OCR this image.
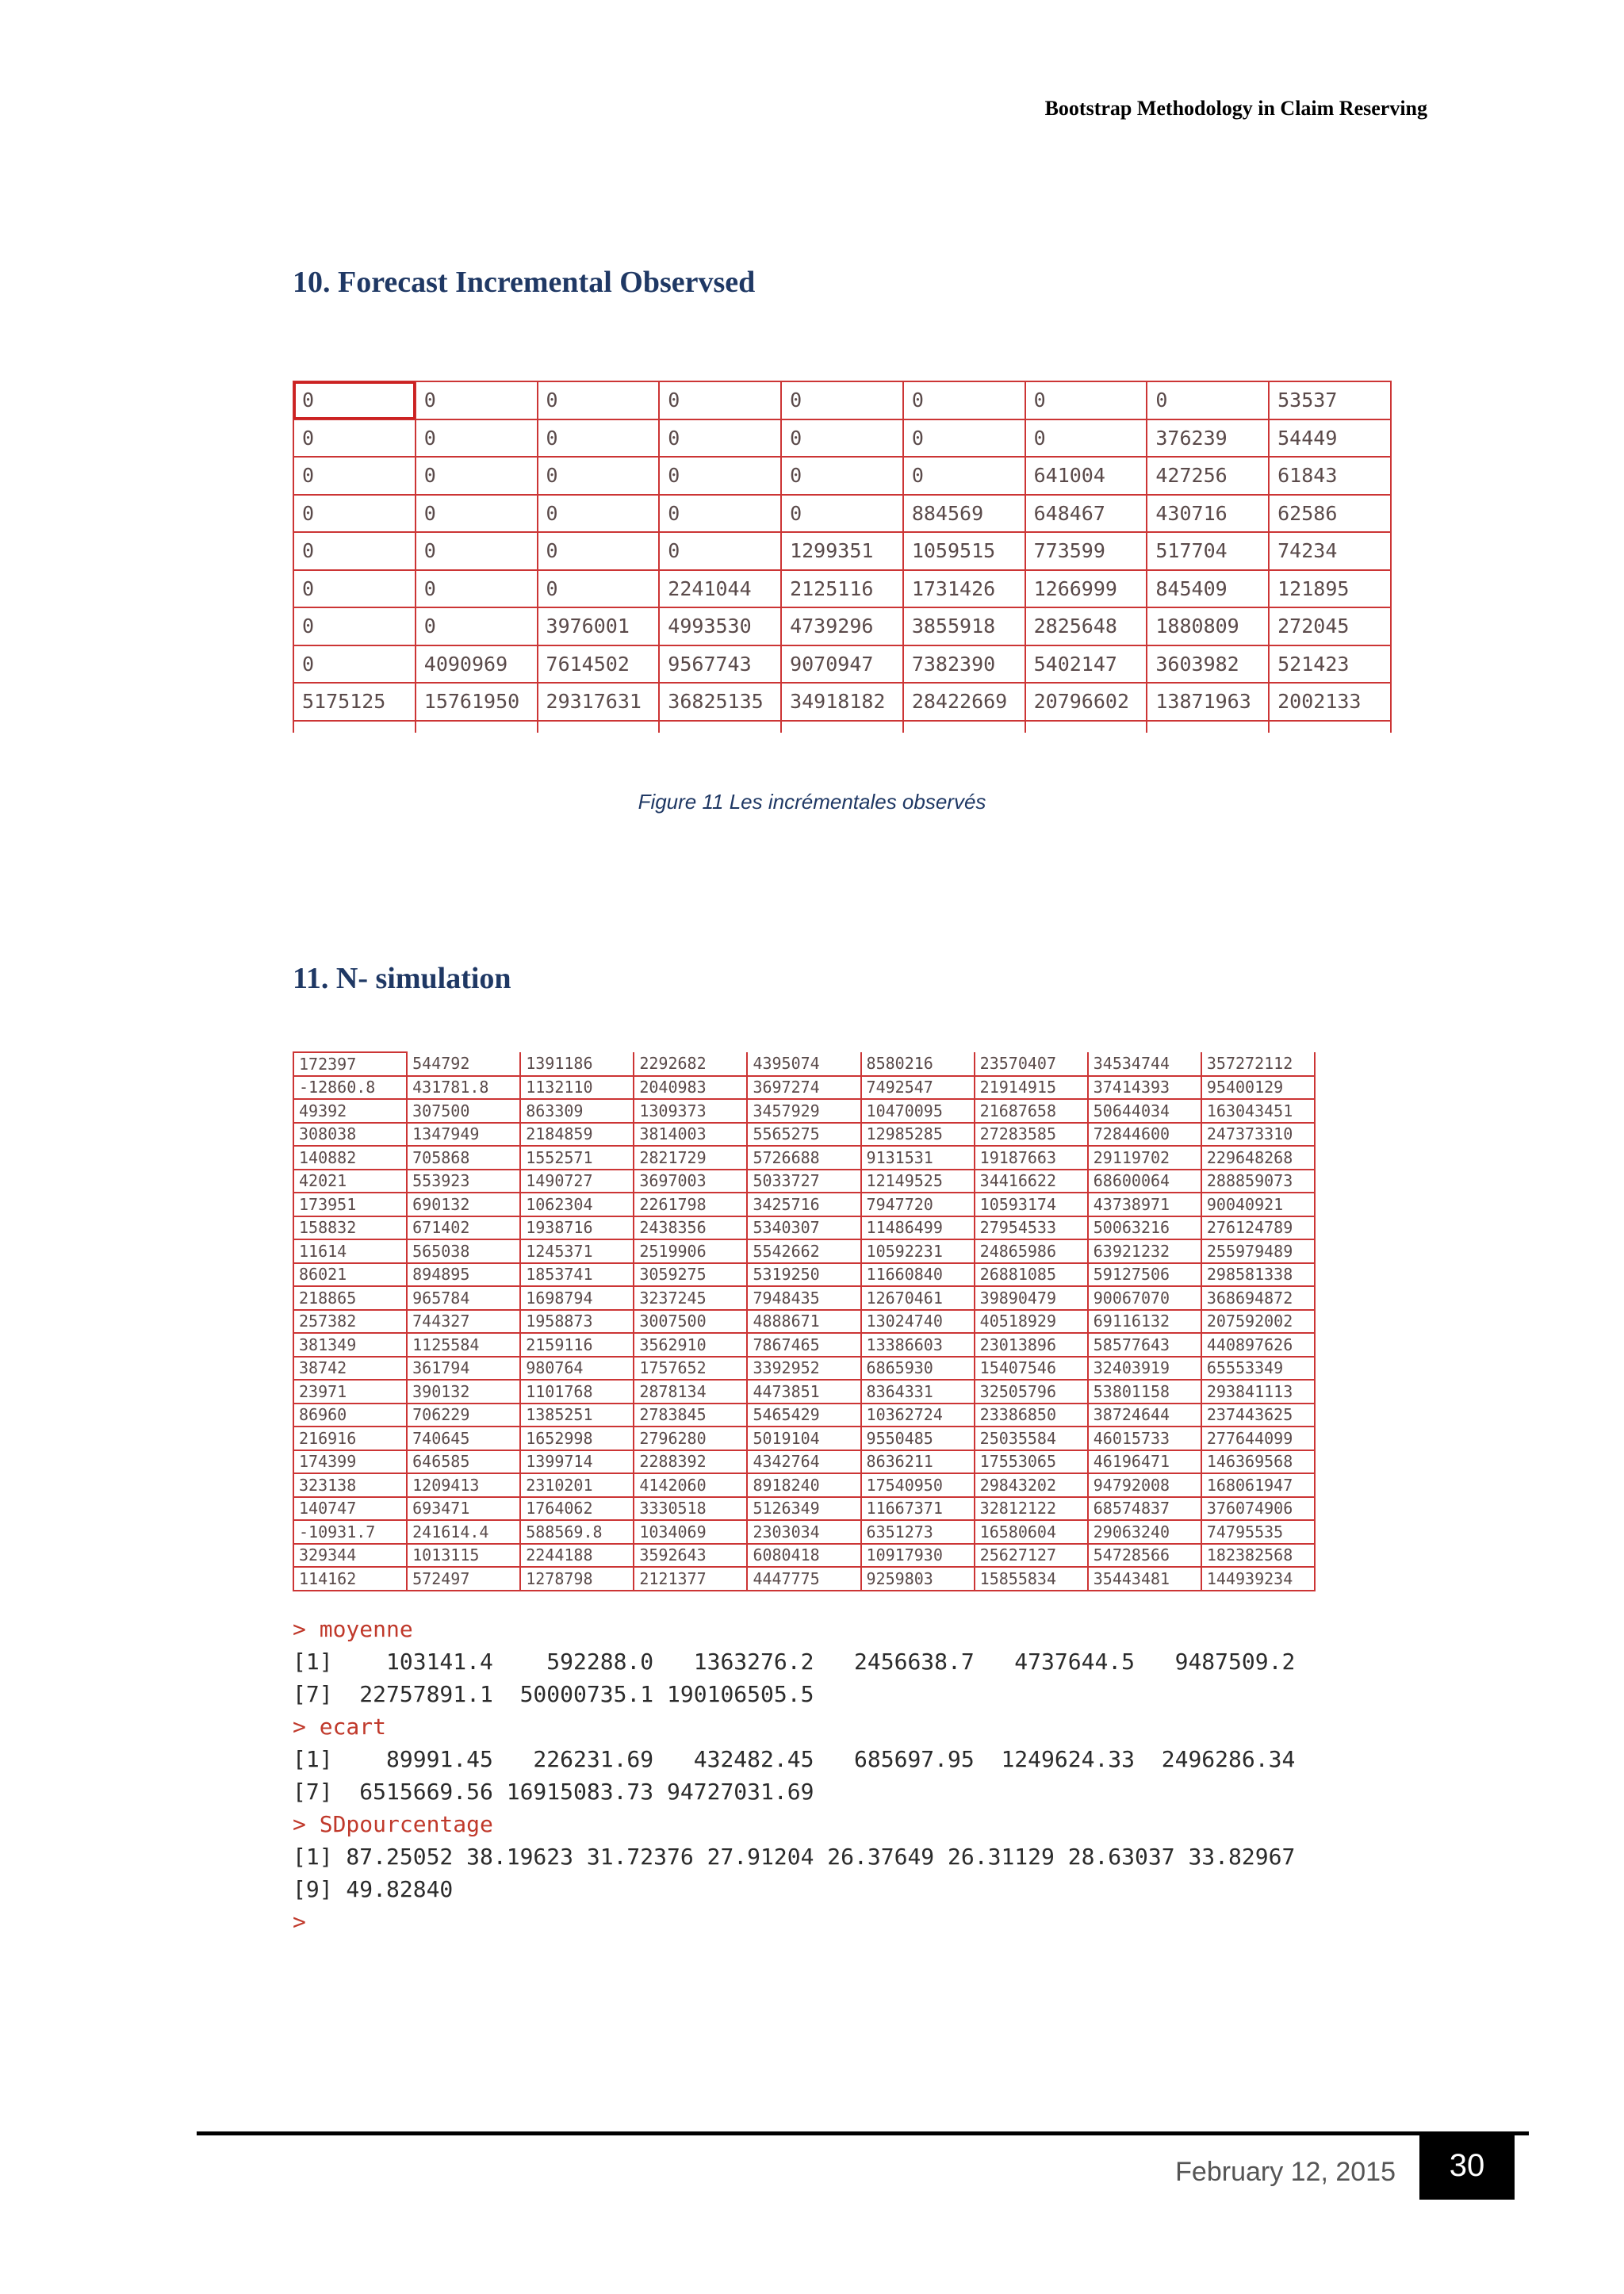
Bootstrap Methodology in Claim Reserving
10. Forecast Incremental Observsed
0	0	0	0	0	0	0	0	53537
0	0	0	0	0	0	0	376239	54449
0	0	0	0	0	0	641004	427256	61843
0	0	0	0	0	884569	648467	430716	62586
0	0	0	0	1299351	1059515	773599	517704	74234
0	0	0	2241044	2125116	1731426	1266999	845409	121895
0	0	3976001	4993530	4739296	3855918	2825648	1880809	272045
0	4090969	7614502	9567743	9070947	7382390	5402147	3603982	521423
5175125	15761950	29317631	36825135	34918182	28422669	20796602	13871963	2002133

Figure 11 Les incrémentales observés
11. N- simulation
172397	544792	1391186	2292682	4395074	8580216	23570407	34534744	357272112
-12860.8	431781.8	1132110	2040983	3697274	7492547	21914915	37414393	95400129
49392	307500	863309	1309373	3457929	10470095	21687658	50644034	163043451
308038	1347949	2184859	3814003	5565275	12985285	27283585	72844600	247373310
140882	705868	1552571	2821729	5726688	9131531	19187663	29119702	229648268
42021	553923	1490727	3697003	5033727	12149525	34416622	68600064	288859073
173951	690132	1062304	2261798	3425716	7947720	10593174	43738971	90040921
158832	671402	1938716	2438356	5340307	11486499	27954533	50063216	276124789
11614	565038	1245371	2519906	5542662	10592231	24865986	63921232	255979489
86021	894895	1853741	3059275	5319250	11660840	26881085	59127506	298581338
218865	965784	1698794	3237245	7948435	12670461	39890479	90067070	368694872
257382	744327	1958873	3007500	4888671	13024740	40518929	69116132	207592002
381349	1125584	2159116	3562910	7867465	13386603	23013896	58577643	440897626
38742	361794	980764	1757652	3392952	6865930	15407546	32403919	65553349
23971	390132	1101768	2878134	4473851	8364331	32505796	53801158	293841113
86960	706229	1385251	2783845	5465429	10362724	23386850	38724644	237443625
216916	740645	1652998	2796280	5019104	9550485	25035584	46015733	277644099
174399	646585	1399714	2288392	4342764	8636211	17553065	46196471	146369568
323138	1209413	2310201	4142060	8918240	17540950	29843202	94792008	168061947
140747	693471	1764062	3330518	5126349	11667371	32812122	68574837	376074906
-10931.7	241614.4	588569.8	1034069	2303034	6351273	16580604	29063240	74795535
329344	1013115	2244188	3592643	6080418	10917930	25627127	54728566	182382568
114162	572497	1278798	2121377	4447775	9259803	15855834	35443481	144939234
> moyenne
[1]    103141.4    592288.0   1363276.2   2456638.7   4737644.5   9487509.2
[7]  22757891.1  50000735.1 190106505.5
> ecart
[1]    89991.45   226231.69   432482.45   685697.95  1249624.33  2496286.34
[7]  6515669.56 16915083.73 94727031.69
> SDpourcentage
[1] 87.25052 38.19623 31.72376 27.91204 26.37649 26.31129 28.63037 33.82967
[9] 49.82840
>
February 12, 2015 30
